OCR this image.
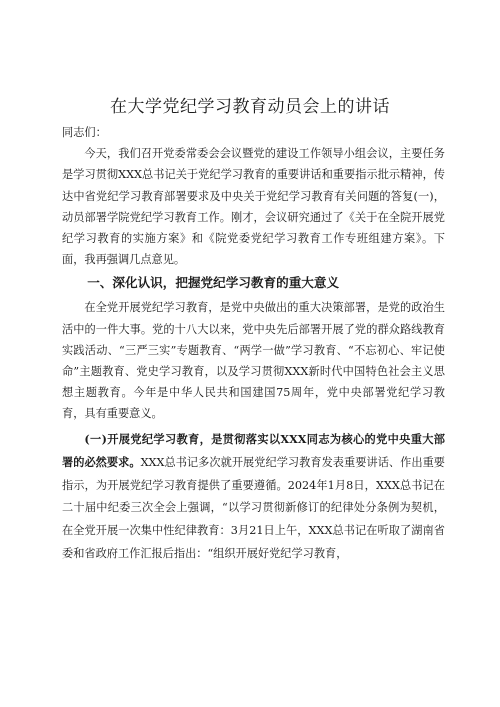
在大学党纪学习教育动员会上的讲话

同志们：

今天，我们召开党委常委会会议暨党的建设工作领导小组会议，主要任务是学习贯彻XXX总书记关于党纪学习教育的重要讲话和重要指示批示精神，传达中省党纪学习教育部署要求及中央关于党纪学习教育有关问题的答复(一)，动员部署学院党纪学习教育工作。刚才，会议研究通过了《关于在全院开展党纪学习教育的实施方案》和《院党委党纪学习教育工作专班组建方案》。下面，我再强调几点意见。

一、深化认识，把握党纪学习教育的重大意义

在全党开展党纪学习教育，是党中央做出的重大决策部署，是党的政治生活中的一件大事。党的十八大以来，党中央先后部署开展了党的群众路线教育实践活动、“三严三实”专题教育、“两学一做”学习教育、“不忘初心、牢记使命”主题教育、党史学习教育，以及学习贯彻XXX新时代中国特色社会主义思想主题教育。今年是中华人民共和国建国75周年，党中央部署党纪学习教育，具有重要意义。

(一)开展党纪学习教育，是贯彻落实以XXX同志为核心的党中央重大部署的必然要求。XXX总书记多次就开展党纪学习教育发表重要讲话、作出重要指示，为开展党纪学习教育提供了重要遵循。2024年1月8日，XXX总书记在二十届中纪委三次全会上强调，“以学习贯彻新修订的纪律处分条例为契机，在全党开展一次集中性纪律教育：3月21日上午，XXX总书记在听取了湖南省委和省政府工作汇报后指出：“组织开展好党纪学习教育，
